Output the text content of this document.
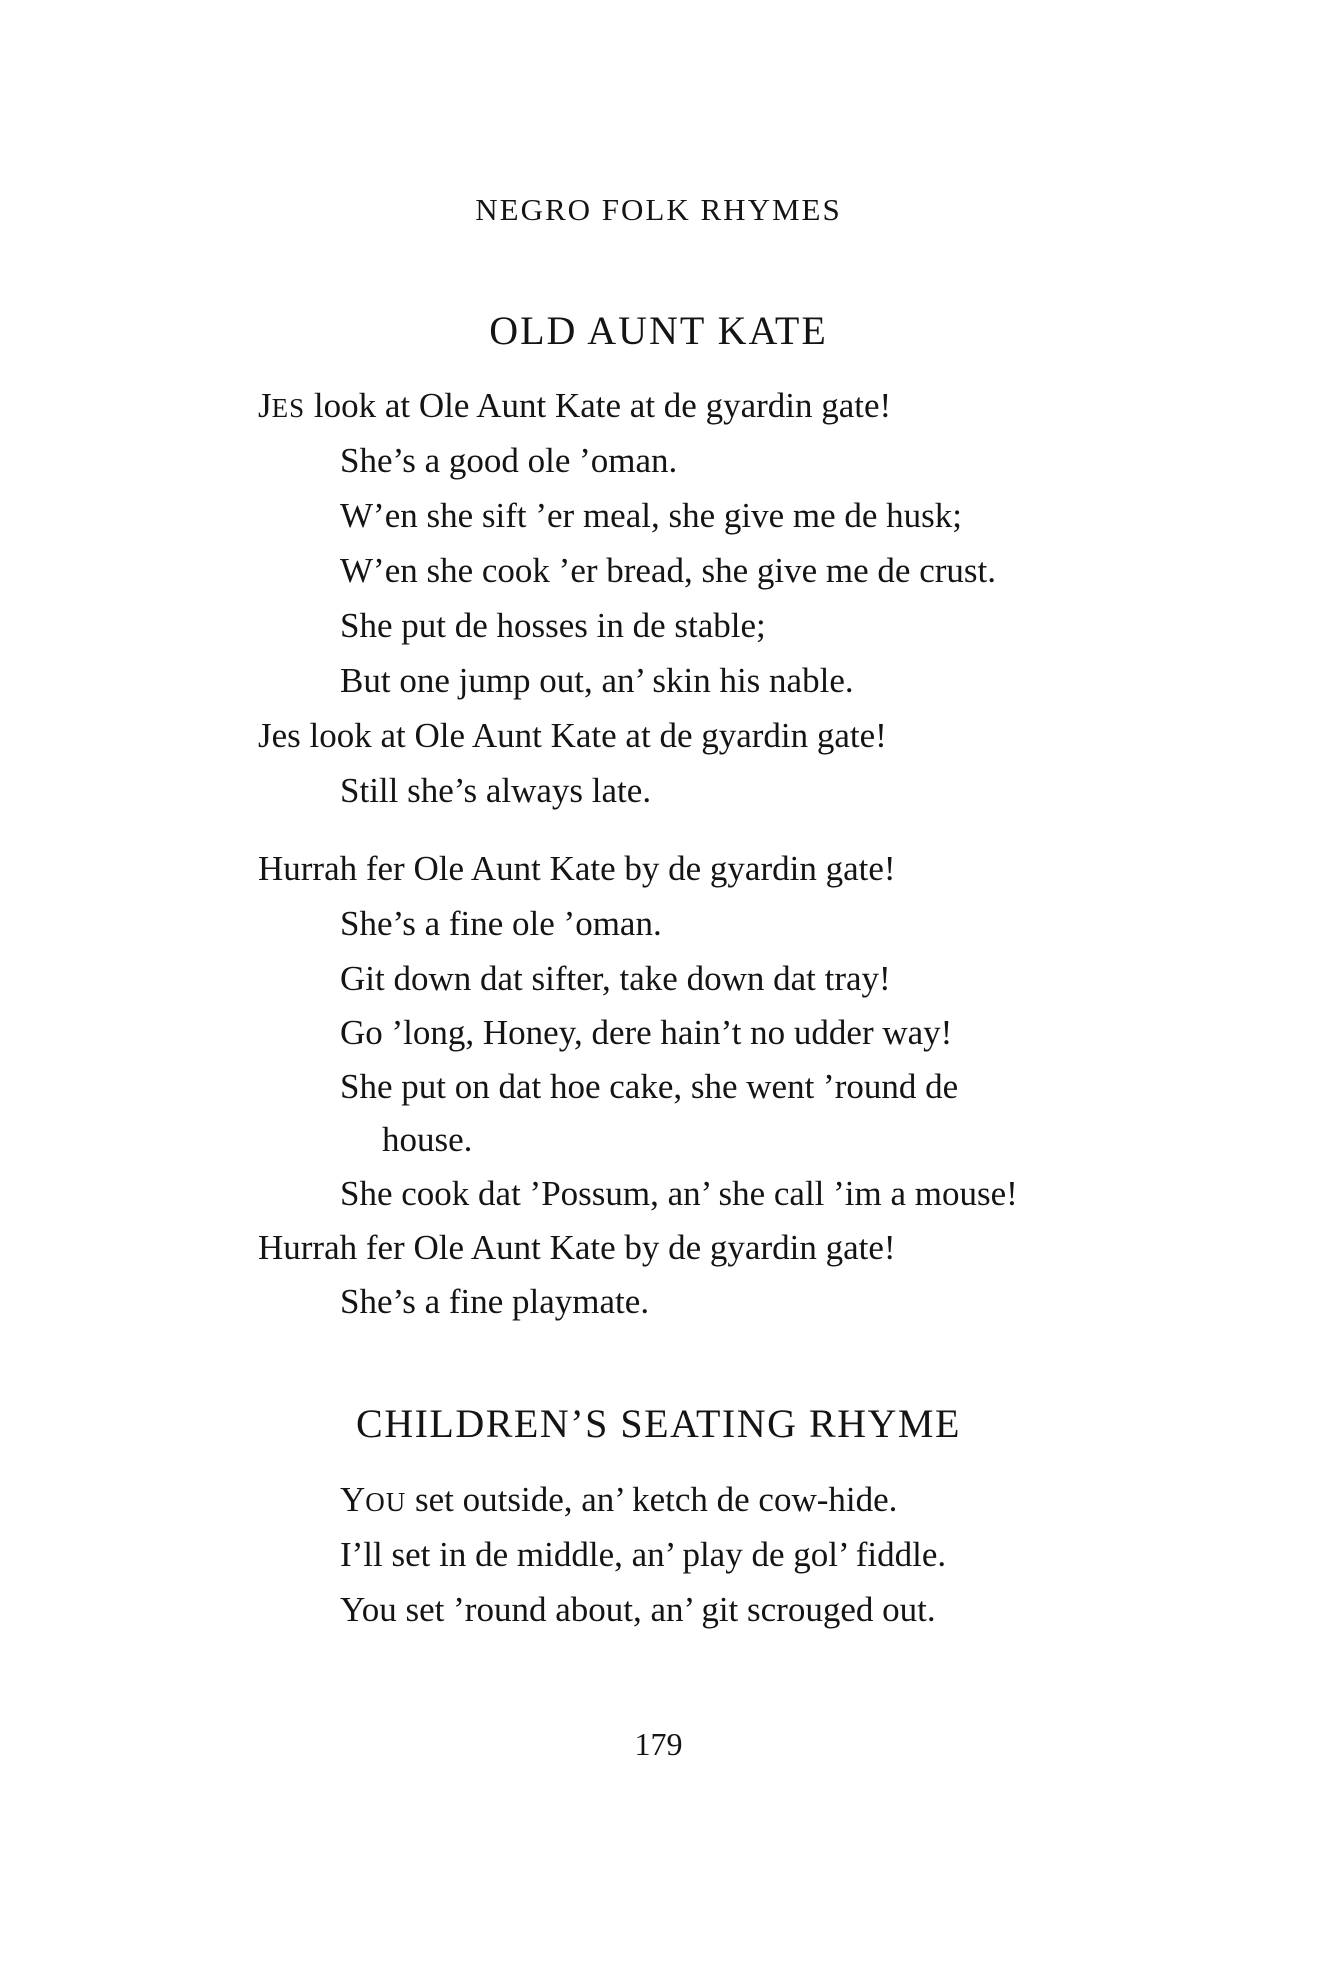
NEGRO FOLK RHYMES
OLD AUNT KATE
JES look at Ole Aunt Kate at de gyardin gate!
She’s a good ole ’oman.
W’en she sift ’er meal, she give me de husk;
W’en she cook ’er bread, she give me de crust.
She put de hosses in de stable;
But one jump out, an’ skin his nable.
Jes look at Ole Aunt Kate at de gyardin gate!
Still she’s always late.
Hurrah fer Ole Aunt Kate by de gyardin gate!
She’s a fine ole ’oman.
Git down dat sifter, take down dat tray!
Go ’long, Honey, dere hain’t no udder way!
She put on dat hoe cake, she went ’round de
house.
She cook dat ’Possum, an’ she call ’im a mouse!
Hurrah fer Ole Aunt Kate by de gyardin gate!
She’s a fine playmate.
CHILDREN’S SEATING RHYME
YOU set outside, an’ ketch de cow-hide.
I’ll set in de middle, an’ play de gol’ fiddle.
You set ’round about, an’ git scrouged out.
179
